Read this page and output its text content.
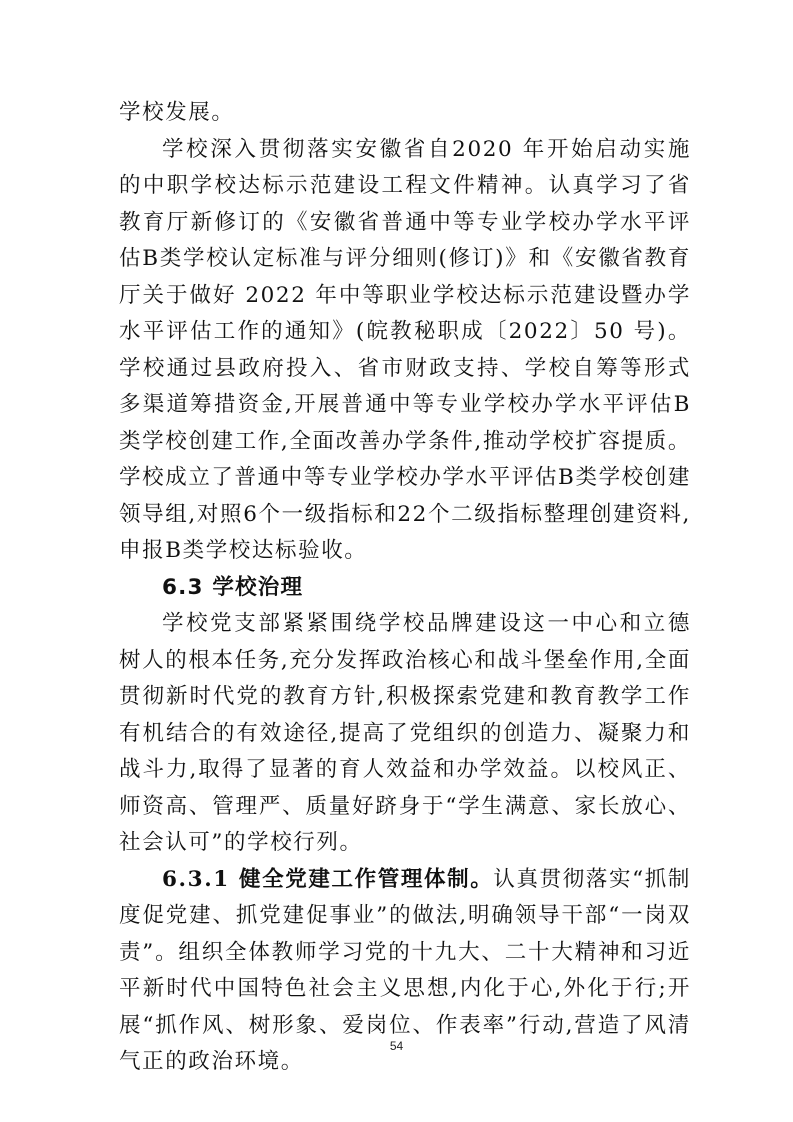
学校发展。

学校深入贯彻落实安徽省自2020 年开始启动实施的中职学校达标示范建设工程文件精神。认真学习了省教育厅新修订的《安徽省普通中等专业学校办学水平评估B类学校认定标准与评分细则(修订)》和《安徽省教育厅关于做好 2022 年中等职业学校达标示范建设暨办学水平评估工作的通知》(皖教秘职成〔2022〕50 号)。学校通过县政府投入、省市财政支持、学校自筹等形式多渠道筹措资金,开展普通中等专业学校办学水平评估B类学校创建工作,全面改善办学条件,推动学校扩容提质。学校成立了普通中等专业学校办学水平评估B类学校创建领导组,对照6个一级指标和22个二级指标整理创建资料,申报B类学校达标验收。

6.3 学校治理

学校党支部紧紧围绕学校品牌建设这一中心和立德树人的根本任务,充分发挥政治核心和战斗堡垒作用,全面贯彻新时代党的教育方针,积极探索党建和教育教学工作有机结合的有效途径,提高了党组织的创造力、凝聚力和战斗力,取得了显著的育人效益和办学效益。以校风正、师资高、管理严、质量好跻身于“学生满意、家长放心、社会认可”的学校行列。

6.3.1 健全党建工作管理体制。认真贯彻落实“抓制度促党建、抓党建促事业”的做法,明确领导干部“一岗双责”。组织全体教师学习党的十九大、二十大精神和习近平新时代中国特色社会主义思想,内化于心,外化于行;开展“抓作风、树形象、爱岗位、作表率”行动,营造了风清气正的政治环境。

54
